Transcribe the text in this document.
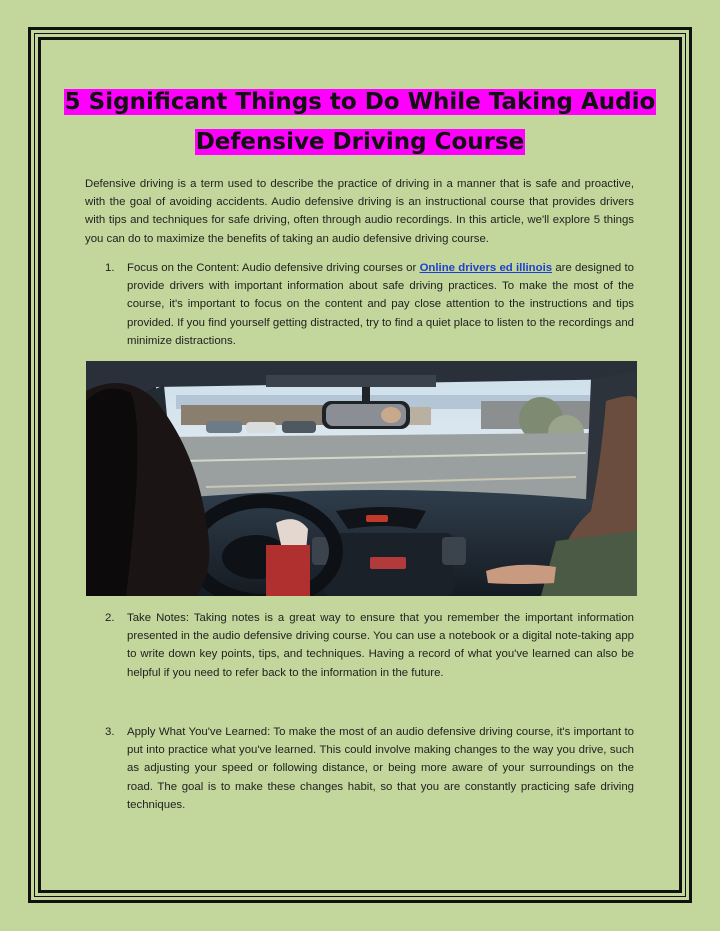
5 Significant Things to Do While Taking Audio
Defensive Driving Course

Defensive driving is a term used to describe the practice of driving in a manner that is safe and proactive, with the goal of avoiding accidents. Audio defensive driving is an instructional course that provides drivers with tips and techniques for safe driving, often through audio recordings. In this article, we'll explore 5 things you can do to maximize the benefits of taking an audio defensive driving course.

1. Focus on the Content: Audio defensive driving courses or Online drivers ed illinois are designed to provide drivers with important information about safe driving practices. To make the most of the course, it's important to focus on the content and pay close attention to the instructions and tips provided. If you find yourself getting distracted, try to find a quiet place to listen to the recordings and minimize distractions.
2. Take Notes: Taking notes is a great way to ensure that you remember the important information presented in the audio defensive driving course. You can use a notebook or a digital note-taking app to write down key points, tips, and techniques. Having a record of what you've learned can also be helpful if you need to refer back to the information in the future.
3. Apply What You've Learned: To make the most of an audio defensive driving course, it's important to put into practice what you've learned. This could involve making changes to the way you drive, such as adjusting your speed or following distance, or being more aware of your surroundings on the road. The goal is to make these changes habit, so that you are constantly practicing safe driving techniques.
